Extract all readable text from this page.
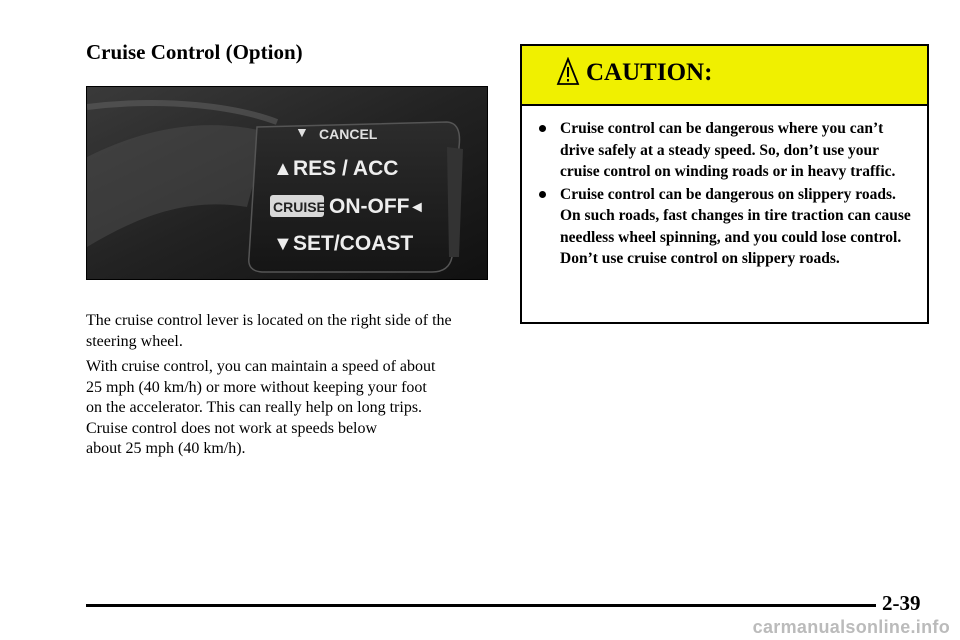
Cruise Control (Option)
▼ CANCEL
▲ RES / ACC
CRUISE ON-OFF ◄
▼ SET/COAST

The cruise control lever is located on the right side of the steering wheel.

With cruise control, you can maintain a speed of about
25 mph (40 km/h) or more without keeping your foot
on the accelerator. This can really help on long trips.
Cruise control does not work at speeds below
about 25 mph (40 km/h).

CAUTION:
Cruise control can be dangerous where you can’t drive safely at a steady speed. So, don’t use your cruise control on winding roads or in heavy traffic.
Cruise control can be dangerous on slippery roads. On such roads, fast changes in tire traction can cause needless wheel spinning, and you could lose control. Don’t use cruise control on slippery roads.
2-39
carmanualsonline.info
